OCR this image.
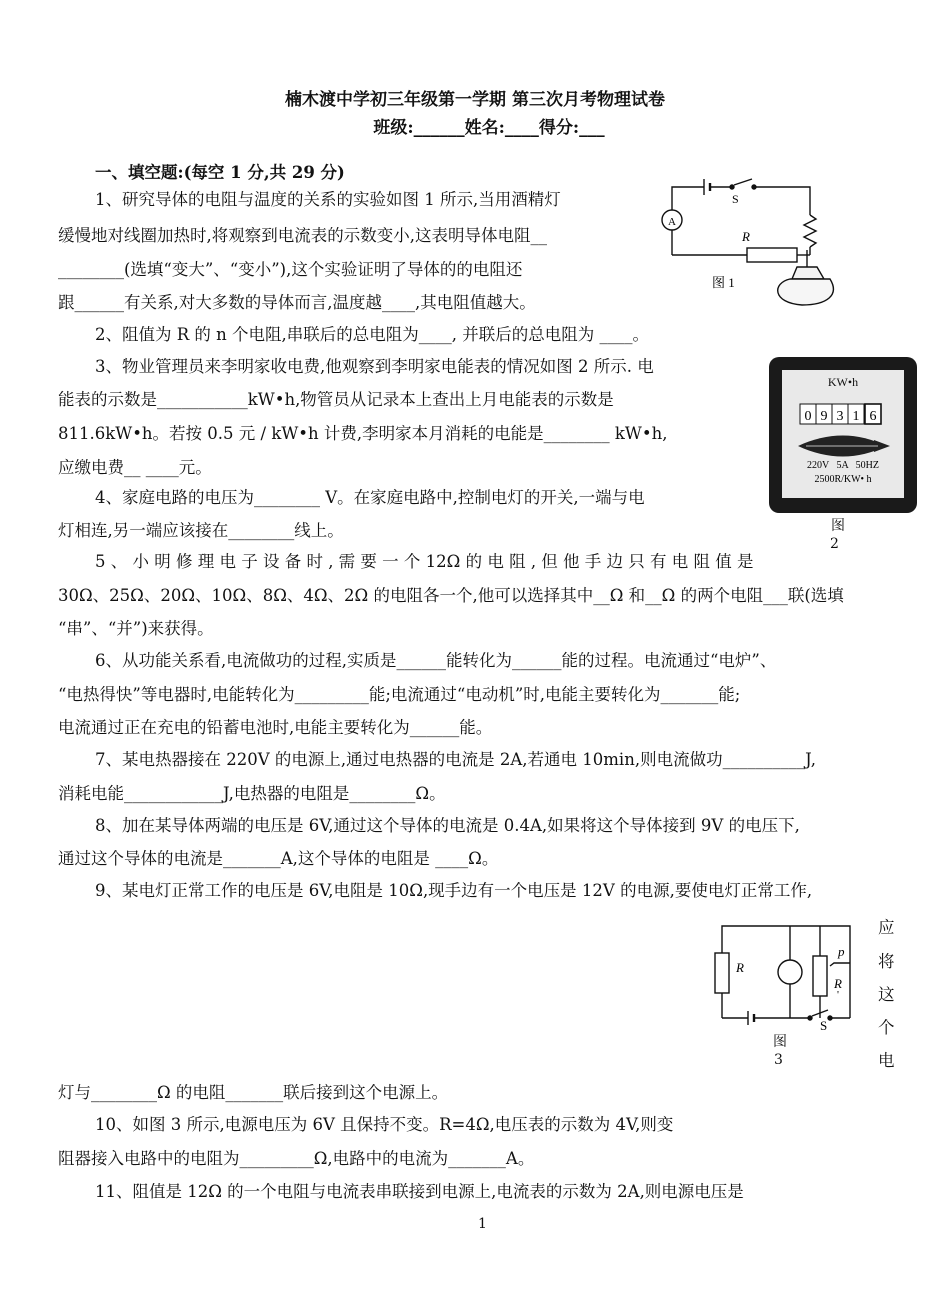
楠木渡中学初三年级第一学期 第三次月考物理试卷
班级:______姓名:____得分:___
一、填空题:(每空 1 分,共 29 分)
1、研究导体的电阻与温度的关系的实验如图 1 所示,当用酒精灯
缓慢地对线圈加热时,将观察到电流表的示数变小,这表明导体电阻__
________(选填“变大”、“变小”),这个实验证明了导体的的电阻还
跟______有关系,对大多数的导体而言,温度越____,其电阻值越大。
A
S
R
图 1
2、阻值为 R 的 n 个电阻,串联后的总电阻为____, 并联后的总电阻为 ____。
3、物业管理员来李明家收电费,他观察到李明家电能表的情况如图 2 所示. 电
能表的示数是___________kW•h,物管员从记录本上查出上月电能表的示数是
811.6kW•h。若按 0.5 元 / kW•h 计费,李明家本月消耗的电能是________ kW•h,
应缴电费__ ____元。
KW•h
0 9 3 1 6
220V   5A   50HZ
2500R/KW• h
图
2
4、家庭电路的电压为________ V。在家庭电路中,控制电灯的开关,一端与电
灯相连,另一端应该接在________线上。
5 、 小 明 修 理 电 子 设 备 时 , 需 要 一 个 12Ω 的 电 阻 , 但 他 手 边 只 有 电 阻 值 是
30Ω、25Ω、20Ω、10Ω、8Ω、4Ω、2Ω 的电阻各一个,他可以选择其中__Ω 和__Ω 的两个电阻___联(选填
“串”、“并”)来获得。
6、从功能关系看,电流做功的过程,实质是______能转化为______能的过程。电流通过“电炉”、
“电热得快”等电器时,电能转化为_________能;电流通过“电动机”时,电能主要转化为_______能;
电流通过正在充电的铅蓄电池时,电能主要转化为______能。
7、某电热器接在 220V 的电源上,通过电热器的电流是 2A,若通电 10min,则电流做功__________J,
消耗电能____________J,电热器的电阻是________Ω。
8、加在某导体两端的电压是 6V,通过这个导体的电流是 0.4A,如果将这个导体接到 9V 的电压下,
通过这个导体的电流是_______A,这个导体的电阻是 ____Ω。
9、某电灯正常工作的电压是 6V,电阻是 10Ω,现手边有一个电压是 12V 的电源,要使电灯正常工作,
应
将
这
个
电
R
p
R
'
S
图
3
灯与________Ω 的电阻_______联后接到这个电源上。
10、如图 3 所示,电源电压为 6V 且保持不变。R=4Ω,电压表的示数为 4V,则变
阻器接入电路中的电阻为_________Ω,电路中的电流为_______A。
11、阻值是 12Ω 的一个电阻与电流表串联接到电源上,电流表的示数为 2A,则电源电压是
1
